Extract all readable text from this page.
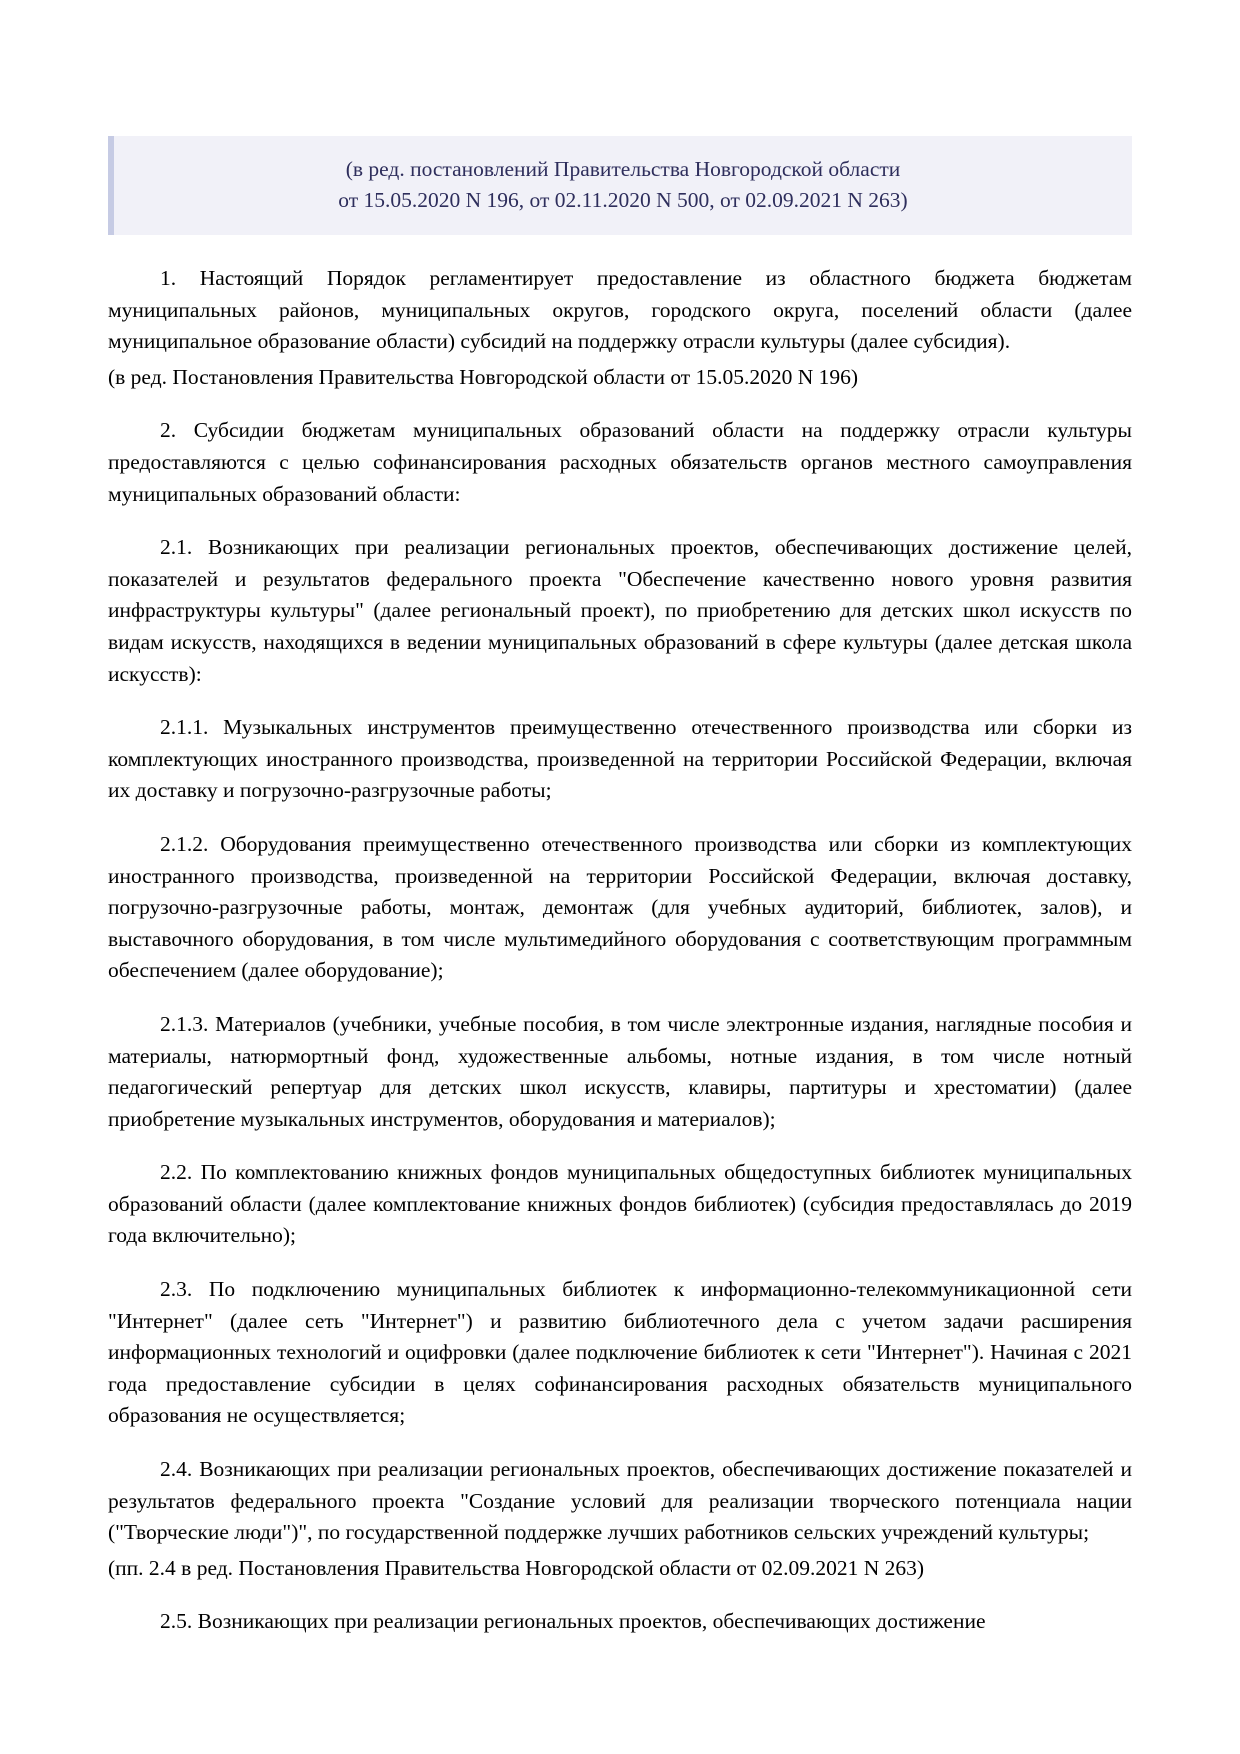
(в ред. постановлений Правительства Новгородской области
от 15.05.2020 N 196, от 02.11.2020 N 500, от 02.09.2021 N 263)

1. Настоящий Порядок регламентирует предоставление из областного бюджета бюджетам муниципальных районов, муниципальных округов, городского округа, поселений области (далее муниципальное образование области) субсидий на поддержку отрасли культуры (далее субсидия).

(в ред. Постановления Правительства Новгородской области от 15.05.2020 N 196)

2. Субсидии бюджетам муниципальных образований области на поддержку отрасли культуры предоставляются с целью софинансирования расходных обязательств органов местного самоуправления муниципальных образований области:

2.1. Возникающих при реализации региональных проектов, обеспечивающих достижение целей, показателей и результатов федерального проекта "Обеспечение качественно нового уровня развития инфраструктуры культуры" (далее региональный проект), по приобретению для детских школ искусств по видам искусств, находящихся в ведении муниципальных образований в сфере культуры (далее детская школа искусств):

2.1.1. Музыкальных инструментов преимущественно отечественного производства или сборки из комплектующих иностранного производства, произведенной на территории Российской Федерации, включая их доставку и погрузочно-разгрузочные работы;

2.1.2. Оборудования преимущественно отечественного производства или сборки из комплектующих иностранного производства, произведенной на территории Российской Федерации, включая доставку, погрузочно-разгрузочные работы, монтаж, демонтаж (для учебных аудиторий, библиотек, залов), и выставочного оборудования, в том числе мультимедийного оборудования с соответствующим программным обеспечением (далее оборудование);

2.1.3. Материалов (учебники, учебные пособия, в том числе электронные издания, наглядные пособия и материалы, натюрмортный фонд, художественные альбомы, нотные издания, в том числе нотный педагогический репертуар для детских школ искусств, клавиры, партитуры и хрестоматии) (далее приобретение музыкальных инструментов, оборудования и материалов);

2.2. По комплектованию книжных фондов муниципальных общедоступных библиотек муниципальных образований области (далее комплектование книжных фондов библиотек) (субсидия предоставлялась до 2019 года включительно);

2.3. По подключению муниципальных библиотек к информационно-телекоммуникационной сети "Интернет" (далее сеть "Интернет") и развитию библиотечного дела с учетом задачи расширения информационных технологий и оцифровки (далее подключение библиотек к сети "Интернет"). Начиная с 2021 года предоставление субсидии в целях софинансирования расходных обязательств муниципального образования не осуществляется;

2.4. Возникающих при реализации региональных проектов, обеспечивающих достижение показателей и результатов федерального проекта "Создание условий для реализации творческого потенциала нации ("Творческие люди")", по государственной поддержке лучших работников сельских учреждений культуры;

(пп. 2.4 в ред. Постановления Правительства Новгородской области от 02.09.2021 N 263)

2.5. Возникающих при реализации региональных проектов, обеспечивающих достижение
